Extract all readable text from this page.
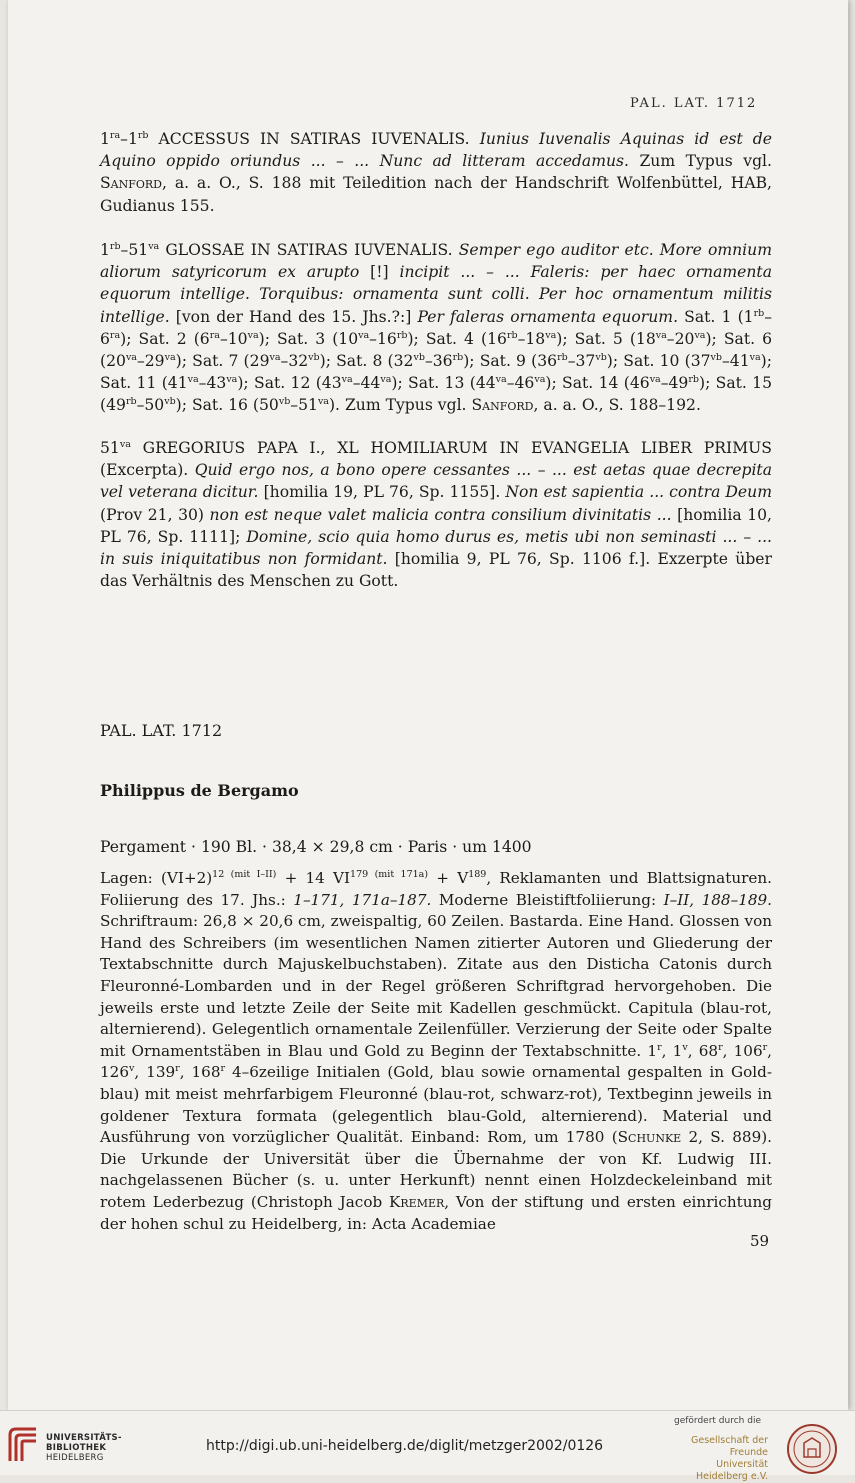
PAL. LAT. 1712
$1^{ra}-1^{rb}$ ACCESSUS IN SATIRAS IUVENALIS. Iunius Iuvenalis Aquinas id est de Aquino oppido oriundus ... – ... Nunc ad litteram accedamus. Zum Typus vgl. Sanford, a. a. O., S. 188 mit Teiledition nach der Handschrift Wolfenbüttel, HAB, Gudianus 155.
$1^{rb}-51^{va}$ GLOSSAE IN SATIRAS IUVENALIS. Semper ego auditor etc. More omnium aliorum satyricorum ex arupto [!] incipit ... – ... Faleris: per haec ornamenta equorum intellige. Torquibus: ornamenta sunt colli. Per hoc ornamentum militis intellige. [von der Hand des 15. Jhs.?:] Per faleras ornamenta equorum. Sat. 1 $(1^{rb}-6^{ra})$; Sat. 2 $(6^{ra}-10^{va})$; Sat. 3 $(10^{va}-16^{rb})$; Sat. 4 $(16^{rb}-18^{va})$; Sat. 5 $(18^{va}-20^{va})$; Sat. 6 $(20^{va}-29^{va})$; Sat. 7 $(29^{va}-32^{vb})$; Sat. 8 $(32^{vb}-36^{rb})$; Sat. 9 $(36^{rb}-37^{vb})$; Sat. 10 $(37^{vb}-41^{va})$; Sat. 11 $(41^{va}-43^{va})$; Sat. 12 $(43^{va}-44^{va})$; Sat. 13 $(44^{va}-46^{va})$; Sat. 14 $(46^{va}-49^{rb})$; Sat. 15 $(49^{rb}-50^{vb})$; Sat. 16 $(50^{vb}-51^{va})$. Zum Typus vgl. Sanford, a. a. O., S. 188–192.
$51^{va}$ GREGORIUS PAPA I., XL HOMILIARUM IN EVANGELIA LIBER PRIMUS (Excerpta). Quid ergo nos, a bono opere cessantes ... – ... est aetas quae decrepita vel veterana dicitur. [homilia 19, PL 76, Sp. 1155]. Non est sapientia ... contra Deum (Prov 21, 30) non est neque valet malicia contra consilium divinitatis ... [homilia 10, PL 76, Sp. 1111]; Domine, scio quia homo durus es, metis ubi non seminasti ... – ... in suis iniquitatibus non formidant. [homilia 9, PL 76, Sp. 1106 f.]. Exzerpte über das Verhältnis des Menschen zu Gott.
PAL. LAT. 1712
Philippus de Bergamo
Pergament · 190 Bl. · 38,4 × 29,8 cm · Paris · um 1400
Lagen: $(VI+2)^{12 (mit I-II)} + 14$ $VI^{179 (mit 171a)} + V^{189}$, Reklamanten und Blattsignaturen. Foliierung des 17. Jhs.: 1–171, 171a–187. Moderne Bleistiftfoliierung: I–II, 188–189. Schriftraum: 26,8 × 20,6 cm, zweispaltig, 60 Zeilen. Bastarda. Eine Hand. Glossen von Hand des Schreibers (im wesentlichen Namen zitierter Autoren und Gliederung der Textabschnitte durch Majuskelbuchstaben). Zitate aus den Disticha Catonis durch Fleuronné-Lombarden und in der Regel größeren Schriftgrad hervorgehoben. Die jeweils erste und letzte Zeile der Seite mit Kadellen geschmückt. Capitula (blau-rot, alternierend). Gelegentlich ornamentale Zeilenfüller. Verzierung der Seite oder Spalte mit Ornamentstäben in Blau und Gold zu Beginn der Textabschnitte. 1$^r$, 1$^v$, 68$^r$, 106$^r$, 126$^v$, 139$^r$, 168$^r$ 4–6zeilige Initialen (Gold, blau sowie ornamental gespalten in Gold-blau) mit meist mehrfarbigem Fleuronné (blau-rot, schwarz-rot), Textbeginn jeweils in goldener Textura formata (gelegentlich blau-Gold, alternierend). Material und Ausführung von vorzüglicher Qualität. Einband: Rom, um 1780 (Schunke 2, S. 889). Die Urkunde der Universität über die Übernahme der von Kf. Ludwig III. nachgelassenen Bücher (s. u. unter Herkunft) nennt einen Holzdeckeleinband mit rotem Lederbezug (Christoph Jacob Kremer, Von der stiftung und ersten einrichtung der hohen schul zu Heidelberg, in: Acta Academiae
59
UNIVERSITÄTS-
BIBLIOTHEK
HEIDELBERG
http://digi.ub.uni-heidelberg.de/diglit/metzger2002/0126
gefördert durch die
Gesellschaft der Freunde
Universität Heidelberg e.V.
